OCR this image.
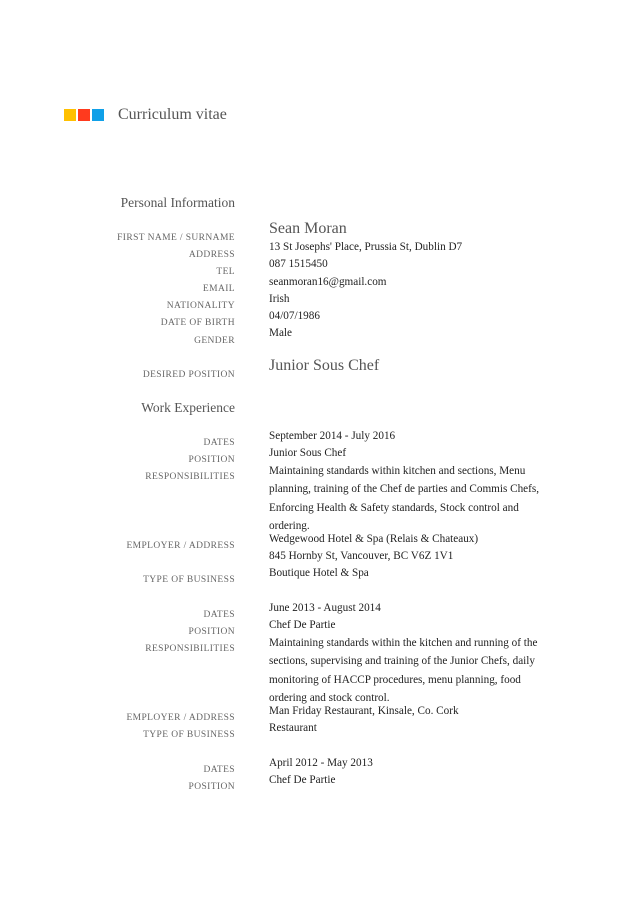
Curriculum vitae
Personal Information
FIRST NAME / SURNAME
ADDRESS
TEL
EMAIL
NATIONALITY
DATE OF BIRTH
GENDER
DESIRED POSITION
Sean Moran
13 St Josephs' Place, Prussia St, Dublin D7
087 1515450
seanmoran16@gmail.com
Irish
04/07/1986
Male
Junior Sous Chef
Work Experience
DATES
POSITION
RESPONSIBILITIES
EMPLOYER / ADDRESS
TYPE OF BUSINESS
September 2014 - July 2016
Junior Sous Chef
Maintaining standards within kitchen and sections, Menu planning, training of the Chef de parties and Commis Chefs, Enforcing Health & Safety standards, Stock control and ordering.
Wedgewood Hotel & Spa (Relais & Chateaux)
845 Hornby St, Vancouver, BC V6Z 1V1
Boutique Hotel & Spa
DATES
POSITION
RESPONSIBILITIES
EMPLOYER / ADDRESS
TYPE OF BUSINESS
June 2013 - August 2014
Chef De Partie
Maintaining standards within the kitchen and running of the sections, supervising and training of the Junior Chefs, daily monitoring of HACCP procedures, menu planning, food ordering and stock control.
Man Friday Restaurant, Kinsale, Co. Cork
Restaurant
DATES
POSITION
April 2012 - May 2013
Chef De Partie
